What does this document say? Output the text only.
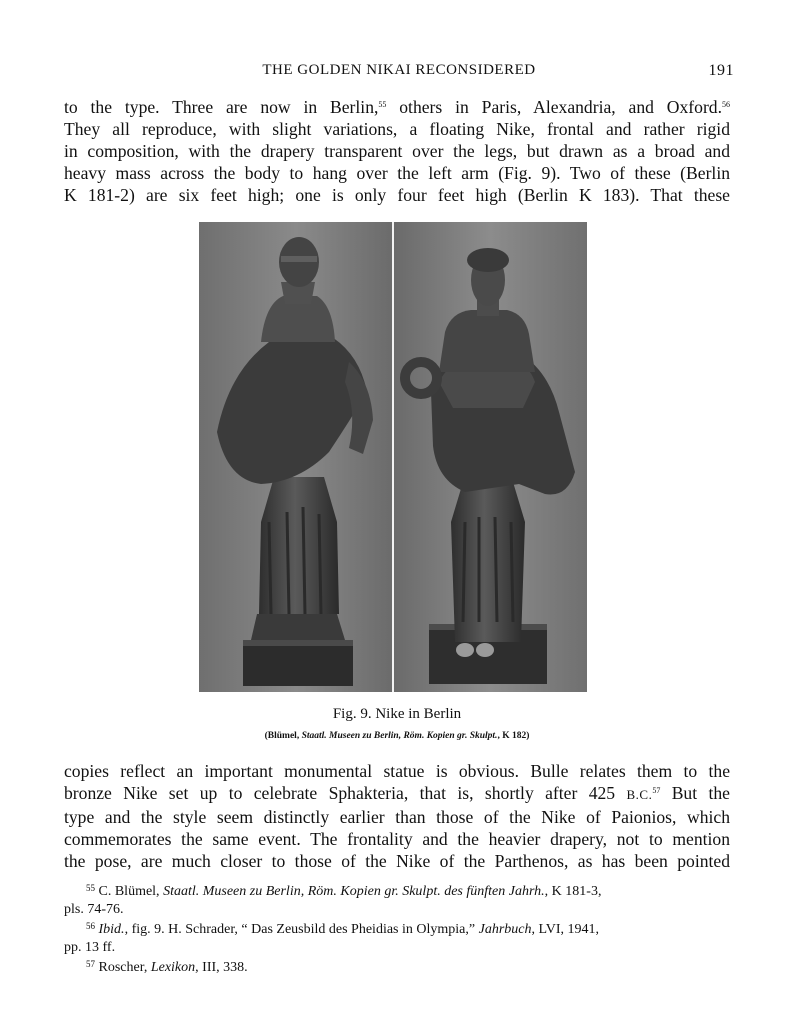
THE GOLDEN NIKAI RECONSIDERED	191
to the type. Three are now in Berlin,$^{55}$ others in Paris, Alexandria, and Oxford.$^{56}$
They all reproduce, with slight variations, a floating Nike, frontal and rather rigid
in composition, with the drapery transparent over the legs, but drawn as a broad and
heavy mass across the body to hang over the left arm (Fig. 9). Two of these (Berlin
K 181-2) are six feet high; one is only four feet high (Berlin K 183). That these
Fig. 9. Nike in Berlin
(Blümel, Staatl. Museen zu Berlin, Röm. Kopien gr. Skulpt., K 182)
copies reflect an important monumental statue is obvious. Bulle relates them to the
bronze Nike set up to celebrate Sphakteria, that is, shortly after 425 B.C.$^{57}$ But the
type and the style seem distinctly earlier than those of the Nike of Paionios, which
commemorates the same event. The frontality and the heavier drapery, not to mention
the pose, are much closer to those of the Nike of the Parthenos, as has been pointed

$^{55}$ C. Blümel, Staatl. Museen zu Berlin, Röm. Kopien gr. Skulpt. des fünften Jahrh., K 181-3,
pls. 74-76.

$^{56}$ Ibid., fig. 9. H. Schrader, “ Das Zeusbild des Pheidias in Olympia,” Jahrbuch, LVI, 1941,
pp. 13 ff.

$^{57}$ Roscher, Lexikon, III, 338.
